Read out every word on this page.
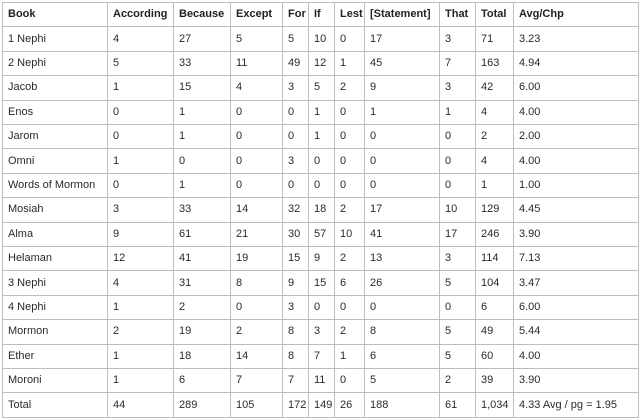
Book	According	Because	Except	For	If	Lest	[Statement]	That	Total	Avg/Chp
1 Nephi	4	27	5	5	10	0	17	3	71	3.23
2 Nephi	5	33	11	49	12	1	45	7	163	4.94
Jacob	1	15	4	3	5	2	9	3	42	6.00
Enos	0	1	0	0	1	0	1	1	4	4.00
Jarom	0	1	0	0	1	0	0	0	2	2.00
Omni	1	0	0	3	0	0	0	0	4	4.00
Words of Mormon	0	1	0	0	0	0	0	0	1	1.00
Mosiah	3	33	14	32	18	2	17	10	129	4.45
Alma	9	61	21	30	57	10	41	17	246	3.90
Helaman	12	41	19	15	9	2	13	3	114	7.13
3 Nephi	4	31	8	9	15	6	26	5	104	3.47
4 Nephi	1	2	0	3	0	0	0	0	6	6.00
Mormon	2	19	2	8	3	2	8	5	49	5.44
Ether	1	18	14	8	7	1	6	5	60	4.00
Moroni	1	6	7	7	11	0	5	2	39	3.90
Total	44	289	105	172	149	26	188	61	1,034	4.33 Avg / pg = 1.95
